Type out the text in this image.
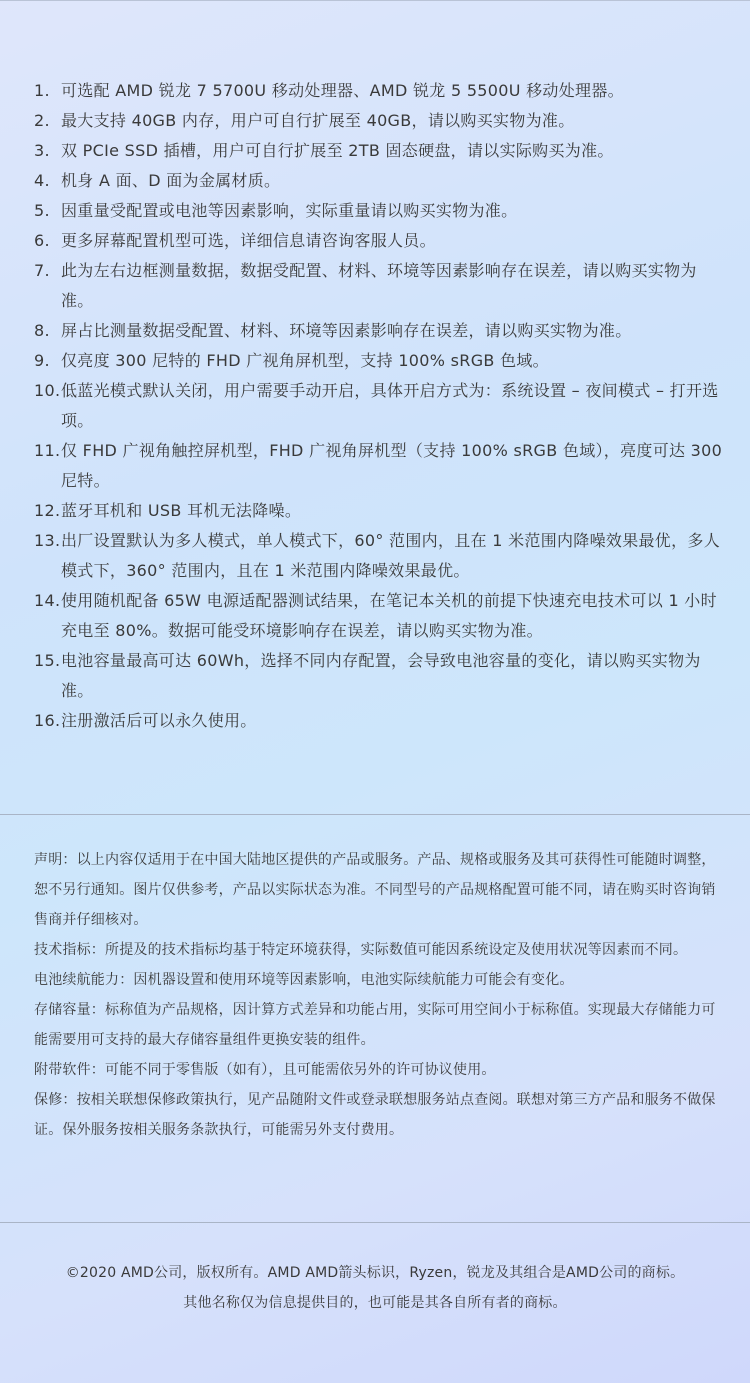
1. 可选配 AMD 锐龙 7 5700U 移动处理器、AMD 锐龙 5 5500U 移动处理器。
2. 最大支持 40GB 内存，用户可自行扩展至 40GB，请以购买实物为准。
3. 双 PCIe SSD 插槽，用户可自行扩展至 2TB 固态硬盘，请以实际购买为准。
4. 机身 A 面、D 面为金属材质。
5. 因重量受配置或电池等因素影响，实际重量请以购买实物为准。
6. 更多屏幕配置机型可选，详细信息请咨询客服人员。
7. 此为左右边框测量数据，数据受配置、材料、环境等因素影响存在误差，请以购买实物为准。
8. 屏占比测量数据受配置、材料、环境等因素影响存在误差，请以购买实物为准。
9. 仅亮度 300 尼特的 FHD 广视角屏机型，支持 100% sRGB 色域。
10. 低蓝光模式默认关闭，用户需要手动开启，具体开启方式为：系统设置 – 夜间模式 – 打开选项。
11. 仅 FHD 广视角触控屏机型，FHD 广视角屏机型（支持 100% sRGB 色域），亮度可达 300 尼特。
12. 蓝牙耳机和 USB 耳机无法降噪。
13. 出厂设置默认为多人模式，单人模式下，60° 范围内，且在 1 米范围内降噪效果最优，多人模式下，360° 范围内，且在 1 米范围内降噪效果最优。
14. 使用随机配备 65W 电源适配器测试结果，在笔记本关机的前提下快速充电技术可以 1 小时充电至 80%。数据可能受环境影响存在误差，请以购买实物为准。
15. 电池容量最高可达 60Wh，选择不同内存配置，会导致电池容量的变化，请以购买实物为准。
16. 注册激活后可以永久使用。

声明：以上内容仅适用于在中国大陆地区提供的产品或服务。产品、规格或服务及其可获得性可能随时调整，恕不另行通知。图片仅供参考，产品以实际状态为准。不同型号的产品规格配置可能不同，请在购买时咨询销售商并仔细核对。

技术指标：所提及的技术指标均基于特定环境获得，实际数值可能因系统设定及使用状况等因素而不同。

电池续航能力：因机器设置和使用环境等因素影响，电池实际续航能力可能会有变化。

存储容量：标称值为产品规格，因计算方式差异和功能占用，实际可用空间小于标称值。实现最大存储能力可能需要用可支持的最大存储容量组件更换安装的组件。

附带软件：可能不同于零售版（如有），且可能需依另外的许可协议使用。

保修：按相关联想保修政策执行，见产品随附文件或登录联想服务站点查阅。联想对第三方产品和服务不做保证。保外服务按相关服务条款执行，可能需另外支付费用。

©2020 AMD公司，版权所有。AMD AMD箭头标识，Ryzen，锐龙及其组合是AMD公司的商标。

其他名称仅为信息提供目的，也可能是其各自所有者的商标。
